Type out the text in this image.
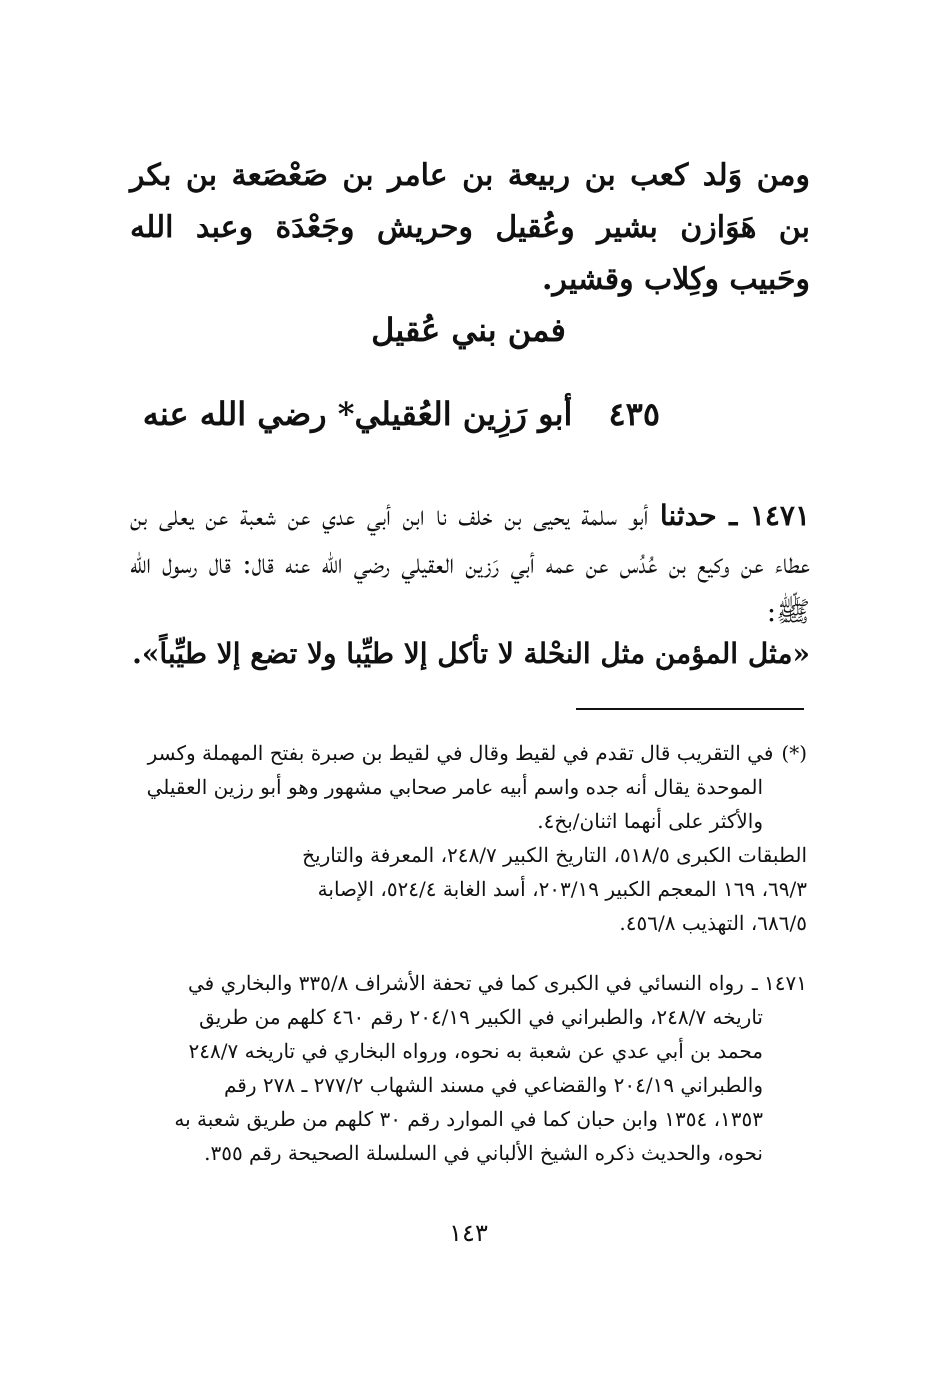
ومن وَلد كعب بن ربيعة بن عامر بن صَعْصَعة بن بكر بن هَوَازن بشير وعُقيل وحريش وجَعْدَة وعبد الله وحَبيب وكِلاب وقشير.

فمن بني عُقيل
٤٣٥أبو رَزِين العُقيلي* رضي الله عنه

١٤٧١ ـ حدثنا أبو سلمة يحيى بن خلف نا ابن أبي عدي عن شعبة عن يعلى بن عطاء عن وكيع بن عُدُس عن عمه أبي رَزين العقيلي رضي الله عنه قال: قال رسول الله ﷺ:

«مثل المؤمن مثل النحْلة لا تأكل إلا طيِّبا ولا تضع إلا طيِّباً».
(*)في التقريب قال تقدم في لقيط وقال في لقيط بن صبرة بفتح المهملة وكسر
الموحدة يقال أنه جده واسم أبيه عامر صحابي مشهور وهو أبو رزين العقيلي
والأكثر على أنهما اثنان/بخ٤.
الطبقات الكبرى ٥١٨/٥، التاريخ الكبير ٢٤٨/٧، المعرفة والتاريخ
٦٩/٣، ١٦٩ المعجم الكبير ٢٠٣/١٩، أسد الغابة ٥٢٤/٤، الإصابة
٦٨٦/٥، التهذيب ٤٥٦/٨.
١٤٧١ ـرواه النسائي في الكبرى كما في تحفة الأشراف ٣٣٥/٨ والبخاري في
تاريخه ٢٤٨/٧، والطبراني في الكبير ٢٠٤/١٩ رقم ٤٦٠ كلهم من طريق
محمد بن أبي عدي عن شعبة به نحوه، ورواه البخاري في تاريخه ٢٤٨/٧
والطبراني ٢٠٤/١٩ والقضاعي في مسند الشهاب ٢٧٧/٢ ـ ٢٧٨ رقم
١٣٥٣، ١٣٥٤ وابن حبان كما في الموارد رقم ٣٠ كلهم من طريق شعبة به
نحوه، والحديث ذكره الشيخ الألباني في السلسلة الصحيحة رقم ٣٥٥.
١٤٣
